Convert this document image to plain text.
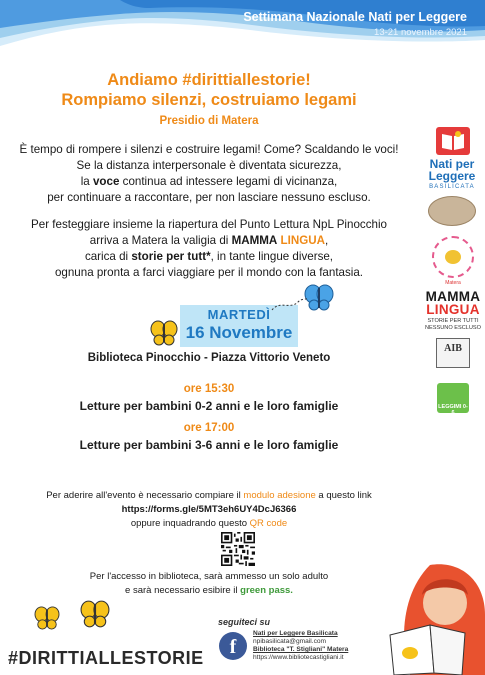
Settimana Nazionale Nati per Leggere
13-21 novembre 2021
Andiamo #dirittiallestorie!
Rompiamo silenzi, costruiamo legami
Presidio di Matera
È tempo di rompere i silenzi e costruire legami! Come? Scaldando le voci!
Se la distanza interpersonale è diventata sicurezza,
la voce continua ad intessere legami di vicinanza,
per continuare a raccontare, per non lasciare nessuno escluso.
Per festeggiare insieme la riapertura del Punto Lettura NpL Pinocchio
arriva a Matera la valigia di MAMMA LINGUA,
carica di storie per tutt*, in tante lingue diverse,
ognuna pronta a farci viaggiare per il mondo con la fantasia.
MARTEDÌ
16 Novembre
Biblioteca Pinocchio - Piazza Vittorio Veneto
ore 15:30
Letture per bambini 0-2 anni e le loro famiglie
ore 17:00
Letture per bambini 3-6 anni e le loro famiglie
Per aderire all'evento è necessario compiare il modulo adesione a questo link
https://forms.gle/5MT3eh6UY4DcJ6366
oppure inquadrando questo QR code
Per l'accesso in biblioteca, sarà ammesso un solo adulto
e sarà necessario esibire il green pass.
#DIRITTIALLESTORIE
seguiteci su
f
Nati per Leggere Basilicata
npibasilicata@gmail.com
Biblioteca "T. Stigliani" Matera
https://www.bibliotecastigliani.it
Nati per
Leggere
BASILICATA
Matera
MAMMA
LINGUA
STORIE PER TUTTI
NESSUNO ESCLUSO
AIB
LEGGIMI 0-6
